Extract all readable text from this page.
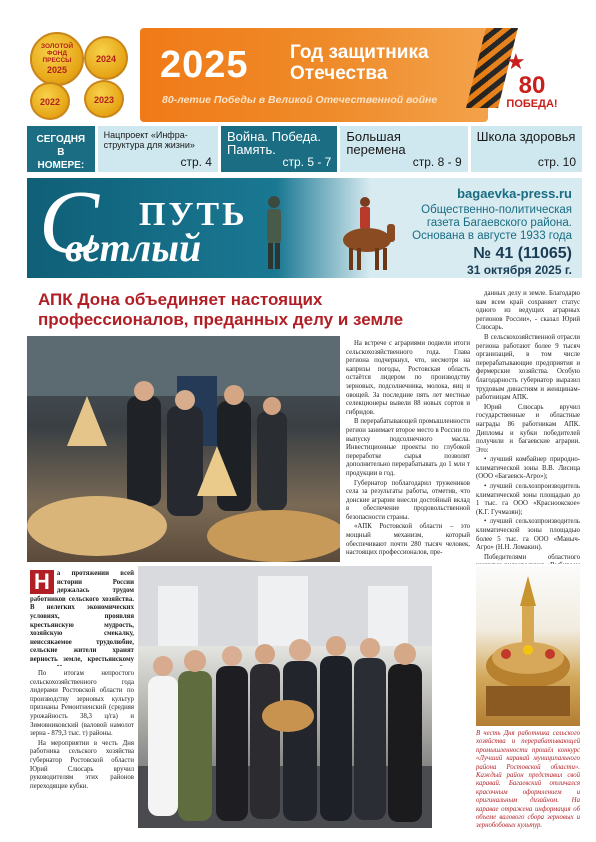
ЗОЛОТОЙ ФОНД ПРЕССЫ
2025
2024
2022	2023
2025 Год защитника Отечества
80-летие Победы в Великой Отечественной войне
★
80
ПОБЕДА!
СЕГОДНЯ В НОМЕРЕ:
Нацпроект «Инфра-структура для жизни»
стр. 4
Война. Победа. Память.
стр. 5 - 7
Большая перемена
стр. 8 - 9
Школа здоровья
стр. 10
С ПУТЬ
ветлый
bagaevka-press.ru
Общественно-политическая газета Багаевского района. Основана в августе 1933 года
№ 41 (11065)
31 октября 2025 г.
АПК Дона объединяет настоящих профессионалов, преданных делу и земле
Н	а протяжении всей истории России держалась трудом работников сельского хозяйства. В нелегких экономических условиях, проявляя крестьянскую мудрость, хозяйскую смекалку, неиссякаемое трудолюбие, сельские жители хранят верность земле, крестьянскому

По итогам непростого сельскохозяйственного года лидерами Ростовской области по производству зерновых культур признаны Ремонтненский (средняя урожайность 38,3 ц/га) и Зимовниковский (валовой намолот зерна - 879,3 тыс. т) районы.

На мероприятии в честь Дня работника сельского хозяйства губернатор Ростовской области Юрий Слюсарь вручил руководителям этих районов переходящие кубки.

На встрече с аграриями подвели итоги сельскохозяйственного года. Глава региона подчеркнул, что, несмотря на капризы погоды, Ростовская область остаётся лидером по производству зерновых, подсолнечника, молока, яиц и овощей. За последние пять лет местные селекционеры вывели 88 новых сортов и гибридов.

В перерабатывающей промышленности регион занимает второе место в России по выпуску подсолнечного масла. Инвестиционные проекты по глубокой переработке сырья позволят дополнительно перерабатывать до 1 млн т продукции в год.

Губернатор поблагодарил тружеников села за результаты работы, отметив, что донские аграрии внесли достойный вклад в обеспечение продовольственной безопасности страны.

«АПК Ростовской области – это мощный механизм, который обеспечивают почти 280 тысяч человек, настоящих профессионалов, пре-

данных делу и земле. Благодарю вам всем край сохраняет статус одного из ведущих аграрных регионов России», - сказал Юрий Слюсарь.

В сельскохозяйственной отрасли региона работают более 9 тысяч организаций, в том числе перерабатывающие предприятия и фермерские хозяйства. Особую благодарность губернатор выразил трудовым династиям и женщинам-работницам АПК.

Юрий Слюсарь вручил государственные и областные награды 86 работникам АПК. Дипломы и кубки победителей получили и багаевские аграрии. Это:

• лучший комбайнер природно-климатической зоны В.В. Лисица (ООО «Багаевск-Агро»);

• лучший сельхозпроизводитель климатической зоны площадью до 1 тыс. га ООО «Красноокское» (К.Г. Гучмазян);

• лучший сельхозпроизводитель климатической зоны площадью более 5 тыс. га ООО «Маныч-Агро» (Н.Н. Ломакин).

Победителями областного

В честь Дня работника сельского хозяйства и перерабатывающей промышленности прошёл конкурс «Лучший каравай муниципального района Ростовской области». Каждый район представил свой каравай. Багаевский отличался красочным оформлением и оригинальным дизайном. На каравае отражена информация об объеме валового сбора зерновых и зернобобовых культур.
